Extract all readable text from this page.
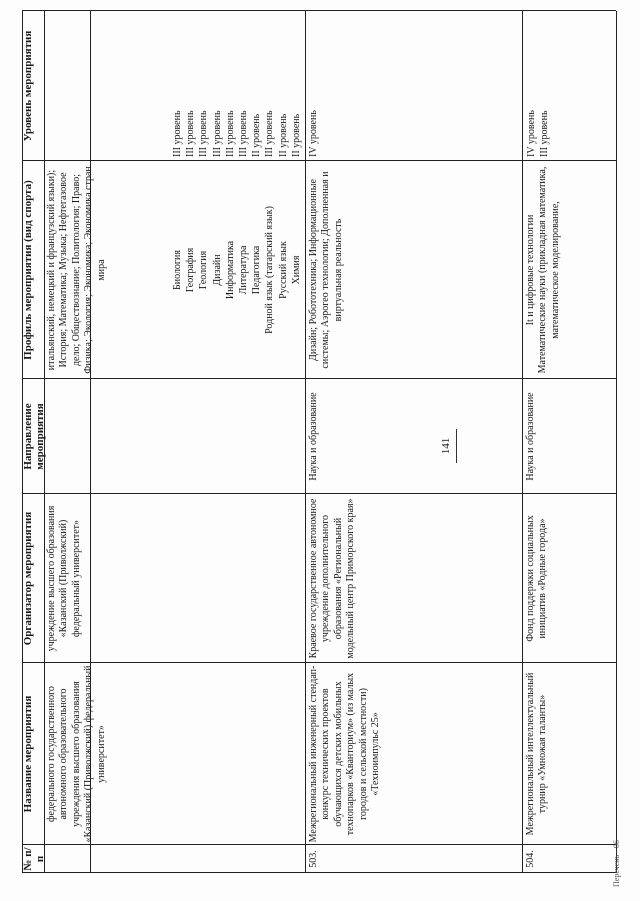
141
№ п/п
Название мероприятия
Организатор мероприятия
Направление мероприятия
Профиль мероприятия (вид спорта)
Уровень мероприятия
федерального государственного автономного образовательного учреждения высшего образования «Казанский (Приволжский) федеральный университет»
учреждение высшего образования «Казанский (Приволжский) федеральный университет»
итальянский, немецкий и французский языки); История; Математика; Музыка; Нефтегазовое дело; Обществознание; Политология; Право; Физика; Экология; Экономика; Экономика стран мира	Биология География Геология Дизайн Информатика Литература Педагогика Родной язык (татарский язык) Русский язык Химия
III уровень III уровень III уровень III уровень III уровень III уровень II уровень III уровень II уровень II уровень
503.
Межрегиональный инженерный стендап-конкурс технических проектов обучающихся детских мобильных технопарков «Кванториум» (из малых городов и сельской местности) «Техноимпульс 25»
Краевое государственное автономное учреждение дополнительного образования «Региональный модельный центр Приморского края»
Наука и образование
Дизайн; Робототехника; Информационные системы; Аэрогео технологии; Дополненная и виртуальная реальность
IV уровень
504.
Межрегиональный интеллектуальный турнир «Умножая таланты»
Фонд поддержки социальных инициатив «Родные города»
Наука и образование
It и цифровые технологии Математические науки (прикладная математика, математическое моделирование,
IV уровень III уровень
Перечень - 06
